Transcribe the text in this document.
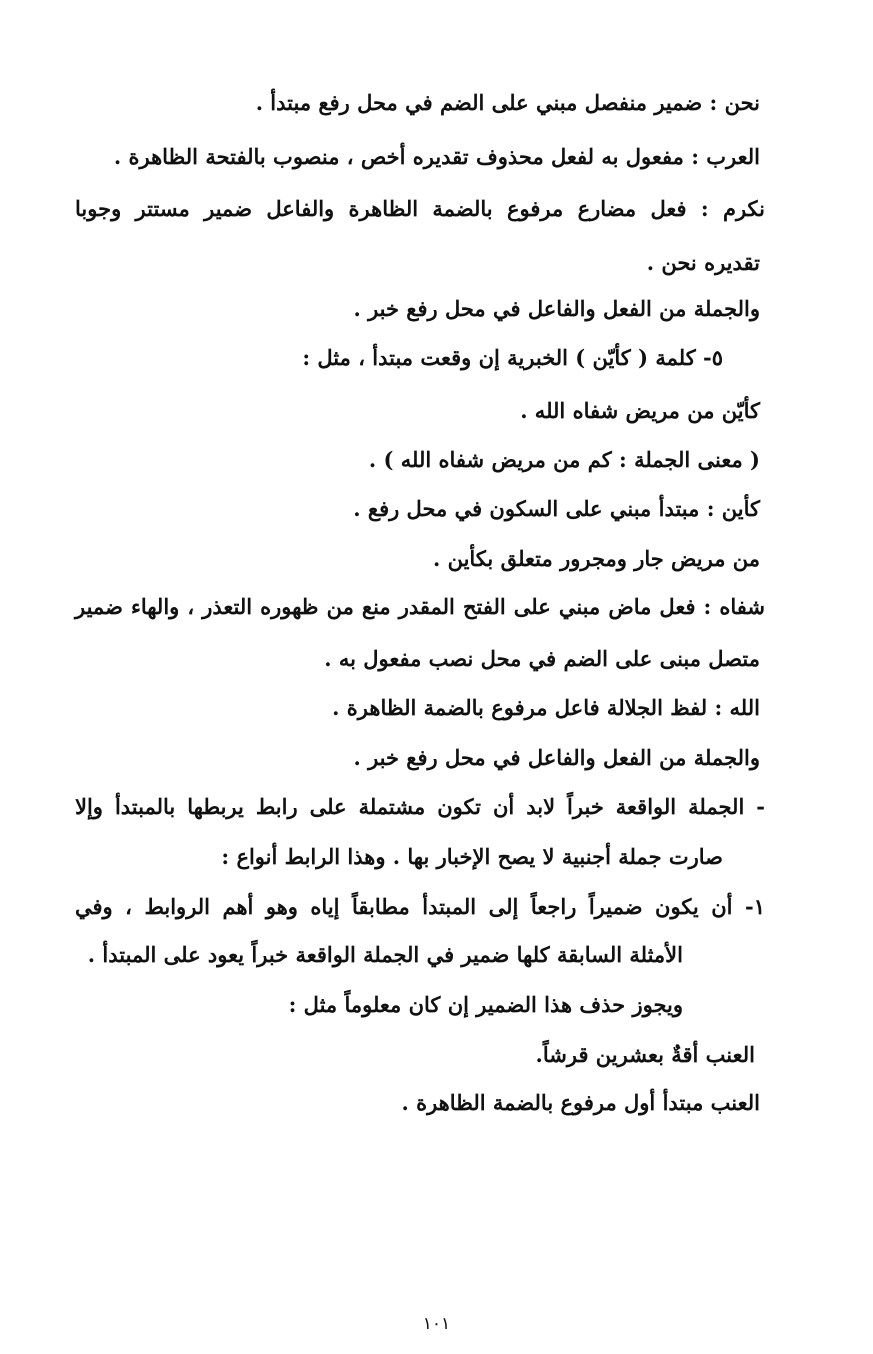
نحن : ضمير منفصل مبني على الضم في محل رفع مبتدأ .
العرب : مفعول به لفعل محذوف تقديره أخص ، منصوب بالفتحة الظاهرة .
نكرم : فعل مضارع مرفوع بالضمة الظاهرة والفاعل ضمير مستتر وجوبا
تقديره نحن .
والجملة من الفعل والفاعل في محل رفع خبر .
٥- كلمة ( كأيّن ) الخبرية إن وقعت مبتدأ ، مثل :
كأيّن من مريض شفاه الله .
( معنى الجملة : كم من مريض شفاه الله ) .
كأين : مبتدأ مبني على السكون في محل رفع .
من مريض جار ومجرور متعلق بكأين .
شفاه : فعل ماض مبني على الفتح المقدر منع من ظهوره التعذر ، والهاء ضمير
متصل مبنى على الضم في محل نصب مفعول به .
الله : لفظ الجلالة فاعل مرفوع بالضمة الظاهرة .
والجملة من الفعل والفاعل في محل رفع خبر .
- الجملة الواقعة خبراً لابد أن تكون مشتملة على رابط يربطها بالمبتدأ وإلا
صارت جملة أجنبية لا يصح الإخبار بها . وهذا الرابط أنواع :
١- أن يكون ضميراً راجعاً إلى المبتدأ مطابقاً إياه وهو أهم الروابط ، وفي
الأمثلة السابقة كلها ضمير في الجملة الواقعة خبراً يعود على المبتدأ .
ويجوز حذف هذا الضمير إن كان معلوماً مثل :
العنب أقةٌ بعشرين قرشاً.
العنب مبتدأ أول مرفوع بالضمة الظاهرة .
١٠١
